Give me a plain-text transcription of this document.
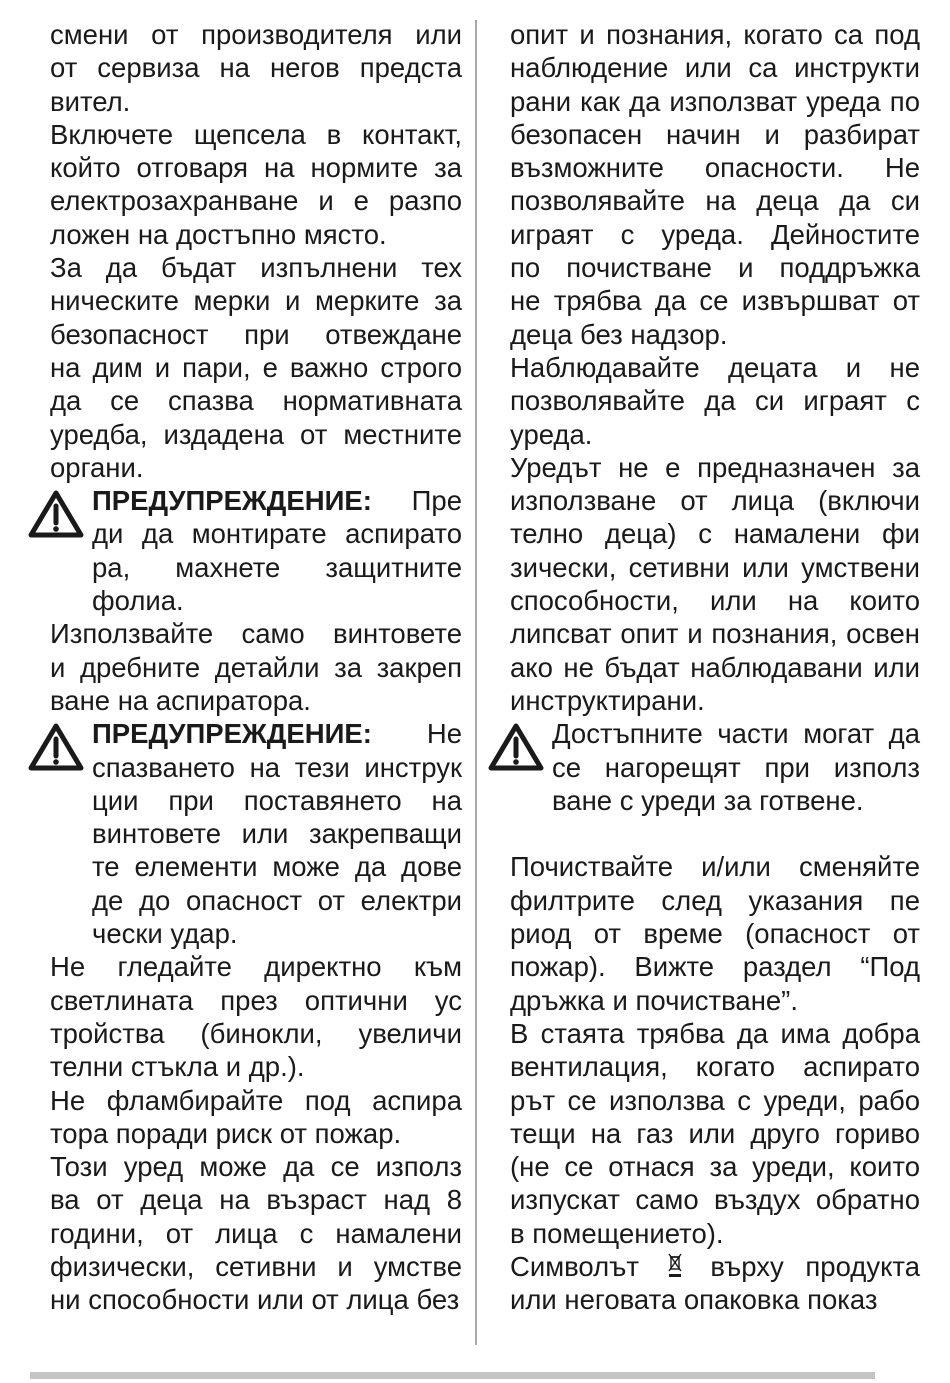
смени от производителя или
от сервиза на негов предста
вител.
Включете щепсела в контакт,
който отговаря на нормите за
електрозахранване и е разпо
ложен на достъпно място.
За да бъдат изпълнени тех
ническите мерки и мерките за
безопасност при отвеждане
на дим и пари, е важно строго
да се спазва нормативната
уредба, издадена от местните
органи.
ПРЕДУПРЕЖДЕНИЕ: Пре
ди да монтирате аспирато
ра, махнете защитните
фолиа.
Използвайте само винтовете
и дребните детайли за закреп
ване на аспиратора.
ПРЕДУПРЕЖДЕНИЕ: Не
спазването на тези инструк
ции при поставянето на
винтовете или закрепващи
те елементи може да дове
де до опасност от електри
чески удар.
Не гледайте директно към
светлината през оптични ус
тройства (бинокли, увеличи
телни стъкла и др.).
Не фламбирайте под аспира
тора поради риск от пожар.
Този уред може да се използ
ва от деца на възраст над 8
години, от лица с намалени
физически, сетивни и умстве
ни способности или от лица без
опит и познания, когато са под
наблюдение или са инструкти
рани как да използват уреда по
безопасен начин и разбират
възможните опасности. Не
позволявайте на деца да си
играят с уреда. Дейностите
по почистване и поддръжка
не трябва да се извършват от
деца без надзор.
Наблюдавайте децата и не
позволявайте да си играят с
уреда.
Уредът не е предназначен за
използване от лица (включи
телно деца) с намалени фи
зически, сетивни или умствени
способности, или на които
липсват опит и познания, освен
ако не бъдат наблюдавани или
инструктирани.
Достъпните части могат да
се нагорещят при използ
ване с уреди за готвене.
Почиствайте и/или сменяйте
филтрите след указания пе
риод от време (опасност от
пожар). Вижте раздел “Под
дръжка и почистване”.
В стаята трябва да има добра
вентилация, когато аспирато
рът се използва с уреди, рабо
тещи на газ или друго гориво
(не се отнася за уреди, които
изпускат само въздух обратно
в помещението).
Символът	върху продукта
или неговата опаковка показ
